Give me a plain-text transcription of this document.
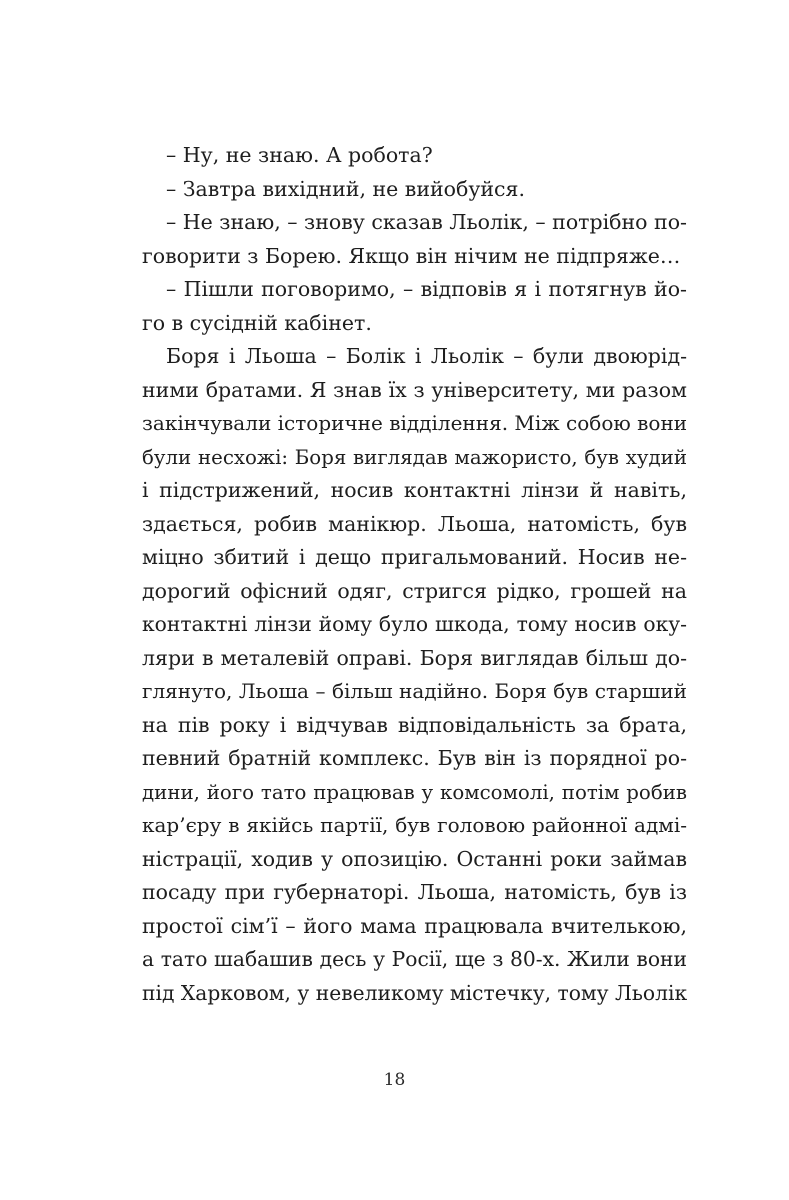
– Ну, не знаю. А робота?
– Завтра вихідний, не вийобуйся.
– Не знаю, – знову сказав Льолік, – потрібно по-
говорити з Борею. Якщо він нічим не підпряже…
– Пішли поговоримо, – відповів я і потягнув йо-
го в сусідній кабінет.
Боря і Льоша – Болік і Льолік – були двоюрід-
ними братами. Я знав їх з університету, ми разом
закінчували історичне відділення. Між собою вони
були несхожі: Боря виглядав мажористо, був худий
і підстрижений, носив контактні лінзи й навіть,
здається, робив манікюр. Льоша, натомість, був
міцно збитий і дещо пригальмований. Носив не-
дорогий офісний одяг, стригся рідко, грошей на
контактні лінзи йому було шкода, тому носив оку-
ляри в металевій оправі. Боря виглядав більш до-
глянуто, Льоша – більш надійно. Боря був старший
на пів року і відчував відповідальність за брата,
певний братній комплекс. Був він із порядної ро-
дини, його тато працював у комсомолі, потім робив
кар’єру в якійсь партії, був головою районної адмі-
ністрації, ходив у опозицію. Останні роки займав
посаду при губернаторі. Льоша, натомість, був із
простої сім’ї – його мама працювала вчителькою,
а тато шабашив десь у Росії, ще з 80-х. Жили вони
під Харковом, у невеликому містечку, тому Льолік
18
